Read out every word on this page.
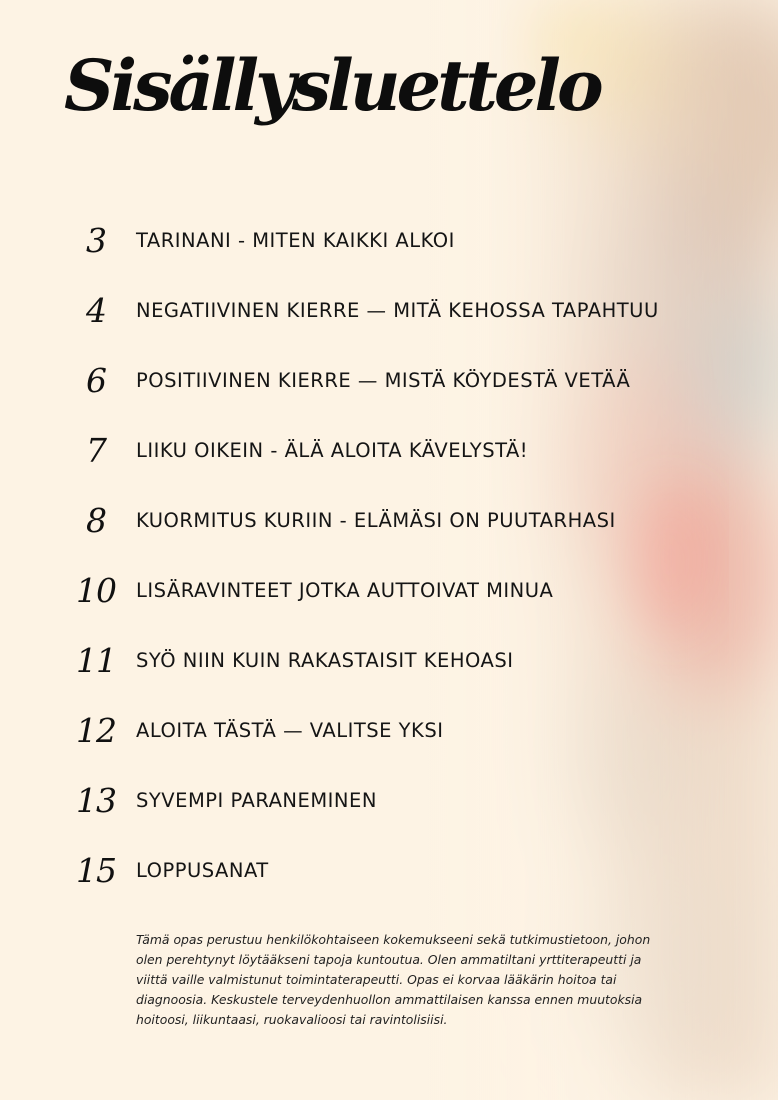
Sisällysluettelo
3	TARINANI - MITEN KAIKKI ALKOI
4	NEGATIIVINEN KIERRE — MITÄ KEHOSSA TAPAHTUU
6	POSITIIVINEN KIERRE — MISTÄ KÖYDESTÄ VETÄÄ
7	LIIKU OIKEIN - ÄLÄ ALOITA KÄVELYSTÄ!
8	KUORMITUS KURIIN - ELÄMÄSI ON PUUTARHASI
10	LISÄRAVINTEET JOTKA AUTTOIVAT MINUA
11	SYÖ NIIN KUIN RAKASTAISIT KEHOASI
12	ALOITA TÄSTÄ — VALITSE YKSI
13	SYVEMPI PARANEMINEN
15	LOPPUSANAT

Tämä opas perustuu henkilökohtaiseen kokemukseeni sekä tutkimustietoon, johon olen perehtynyt löytääkseni tapoja kuntoutua. Olen ammatiltani yrttiterapeutti ja viittä vaille valmistunut toimintaterapeutti. Opas ei korvaa lääkärin hoitoa tai diagnoosia. Keskustele terveydenhuollon ammattilaisen kanssa ennen muutoksia hoitoosi, liikuntaasi, ruokavalioosi tai ravintolisiisi.
